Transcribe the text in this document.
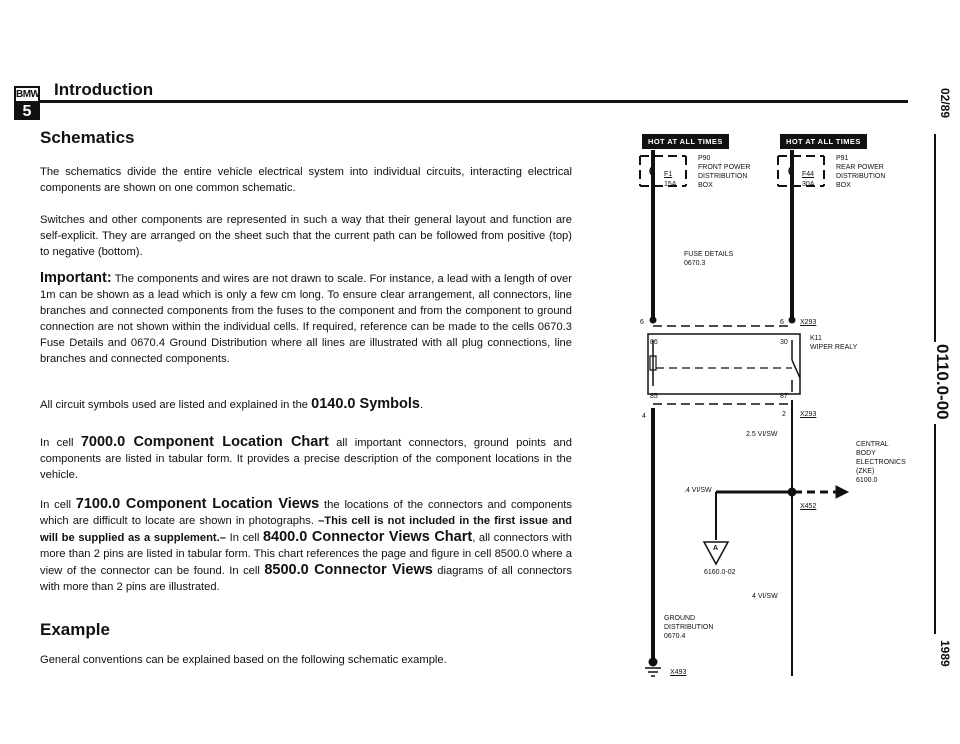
BMW
5
Introduction	02/89
0110.0-00
1989
Schematics
The schematics divide the entire vehicle electrical system into individual circuits, interacting electrical components are shown on one common schematic.
Switches and other components are represented in such a way that their general layout and function are self-explicit. They are arranged on the sheet such that the current path can be followed from positive (top) to negative (bottom).
Important: The components and wires are not drawn to scale. For instance, a lead with a length of over 1m can be shown as a lead which is only a few cm long. To ensure clear arrangement, all connectors, line branches and connected components from the fuses to the component and from the component to ground connection are not shown within the individual cells. If required, reference can be made to the cells 0670.3 Fuse Details and 0670.4 Ground Distribution where all lines are illustrated with all plug connections, line branches and connected components.
All circuit symbols used are listed and explained in the 0140.0 Symbols.
In cell 7000.0 Component Location Chart all important connectors, ground points and components are listed in tabular form. It provides a precise description of the component locations in the vehicle.
In cell 7100.0 Component Location Views the locations of the connectors and components which are difficult to locate are shown in photographs. –This cell is not included in the first issue and will be supplied as a supplement.– In cell 8400.0 Connector Views Chart, all connectors with more than 2 pins are listed in tabular form. This chart references the page and figure in cell 8500.0 where a view of the connector can be found. In cell 8500.0 Connector Views diagrams of all connectors with more than 2 pins are illustrated.
Example
General conventions can be explained based on the following schematic example.
HOT AT ALL TIMES	HOT AT ALL TIMES
F1
15A
P90
FRONT POWER
DISTRIBUTION
BOX
F44
30A
P91
REAR POWER
DISTRIBUTION
BOX
FUSE DETAILS
0670.3
6	6 X293
86	30
85	87
K11
WIPER REALY
4	2 X293
2.5 VI/SW
CENTRAL
BODY
ELECTRONICS
(ZKE)
6100.0
X452
.4 VI/SW
A
6160.0-02
4 VI/SW
GROUND
DISTRIBUTION
0670.4
X493
